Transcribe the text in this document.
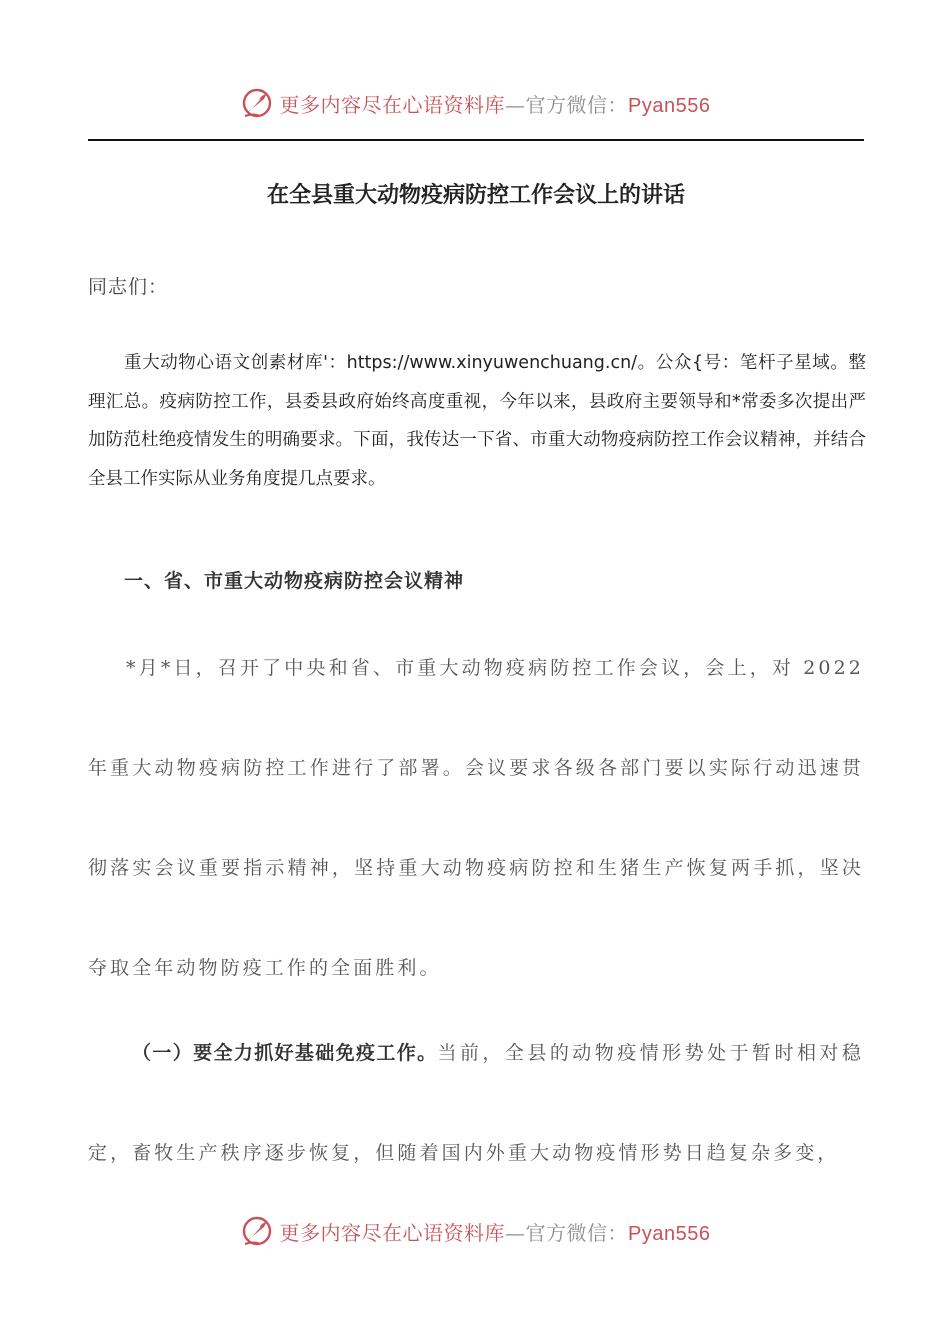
更多内容尽在心语资料库—官方微信：Pyan556
在全县重大动物疫病防控工作会议上的讲话
同志们：

重大动物心语文创素材库'：https://www.xinyuwenchuang.cn/。公众{号：笔杆子星域。整理汇总。疫病防控工作，县委县政府始终高度重视，今年以来，县政府主要领导和*常委多次提出严加防范杜绝疫情发生的明确要求。下面，我传达一下省、市重大动物疫病防控工作会议精神，并结合全县工作实际从业务角度提几点要求。

一、省、市重大动物疫病防控会议精神

*月*日，召开了中央和省、市重大动物疫病防控工作会议，会上，对 2022 年重大动物疫病防控工作进行了部署。会议要求各级各部门要以实际行动迅速贯彻落实会议重要指示精神，坚持重大动物疫病防控和生猪生产恢复两手抓，坚决夺取全年动物防疫工作的全面胜利。

（一）要全力抓好基础免疫工作。当前，全县的动物疫情形势处于暂时相对稳定，畜牧生产秩序逐步恢复，但随着国内外重大动物疫情形势日趋复杂多变，

更多内容尽在心语资料库—官方微信：Pyan556
